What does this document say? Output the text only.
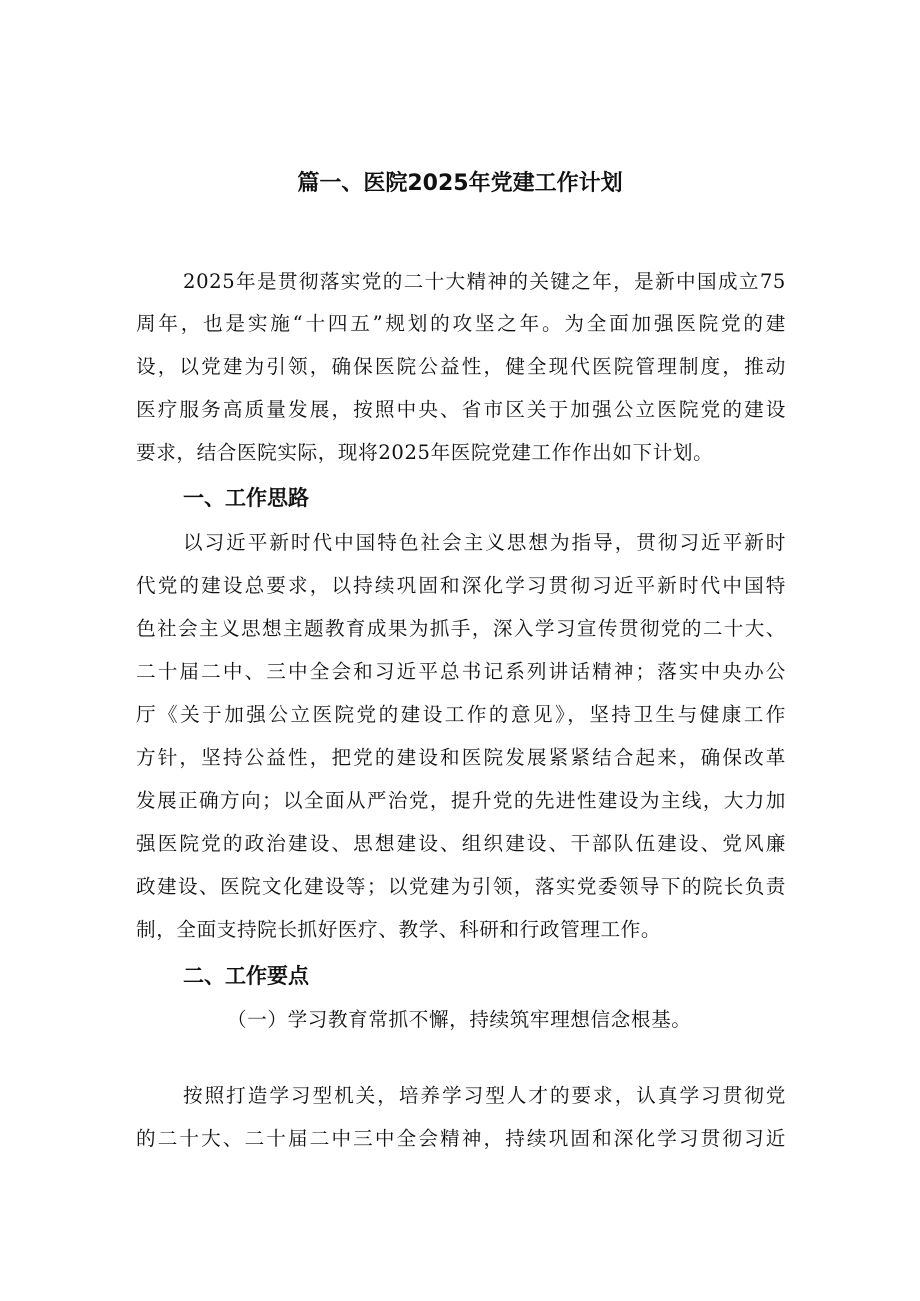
篇一、医院2025年党建工作计划
2025年是贯彻落实党的二十大精神的关键之年，是新中国成立75
周年，也是实施“十四五”规划的攻坚之年。为全面加强医院党的建
设，以党建为引领，确保医院公益性，健全现代医院管理制度，推动
医疗服务高质量发展，按照中央、省市区关于加强公立医院党的建设
要求，结合医院实际，现将2025年医院党建工作作出如下计划。
一、工作思路
以习近平新时代中国特色社会主义思想为指导，贯彻习近平新时
代党的建设总要求，以持续巩固和深化学习贯彻习近平新时代中国特
色社会主义思想主题教育成果为抓手，深入学习宣传贯彻党的二十大、
二十届二中、三中全会和习近平总书记系列讲话精神；落实中央办公
厅《关于加强公立医院党的建设工作的意见》，坚持卫生与健康工作
方针，坚持公益性，把党的建设和医院发展紧紧结合起来，确保改革
发展正确方向；以全面从严治党，提升党的先进性建设为主线，大力加
强医院党的政治建设、思想建设、组织建设、干部队伍建设、党风廉
政建设、医院文化建设等；以党建为引领，落实党委领导下的院长负责
制，全面支持院长抓好医疗、教学、科研和行政管理工作。
二、工作要点
（一）学习教育常抓不懈，持续筑牢理想信念根基。
按照打造学习型机关，培养学习型人才的要求，认真学习贯彻党
的二十大、二十届二中三中全会精神，持续巩固和深化学习贯彻习近
